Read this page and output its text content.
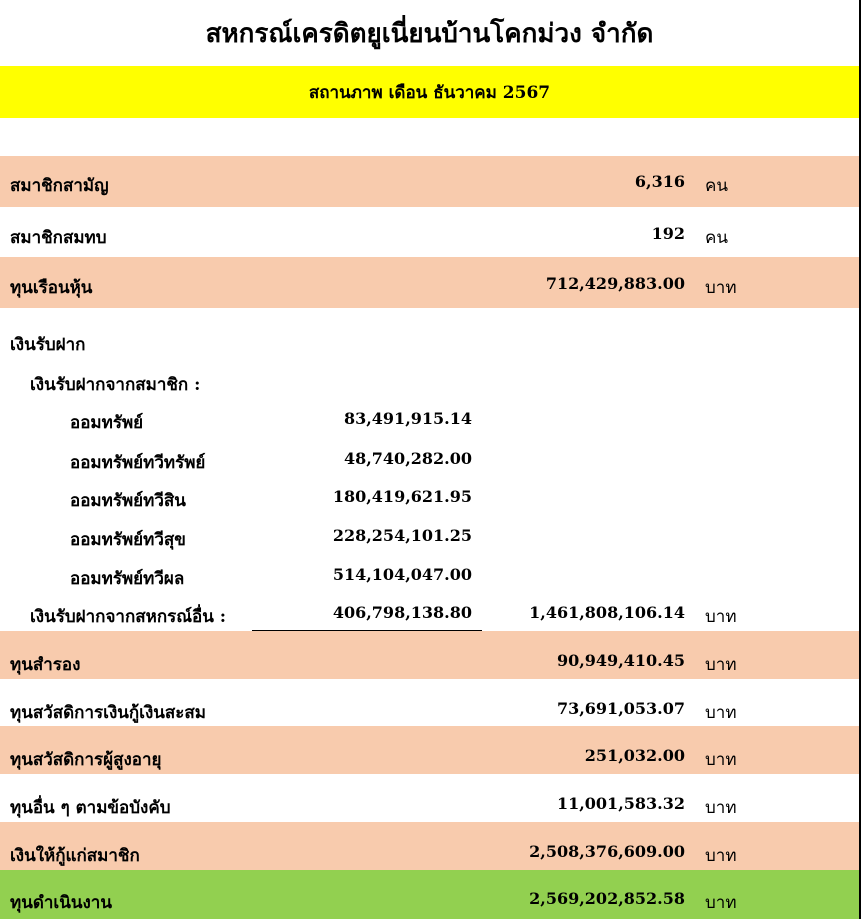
สหกรณ์เครดิตยูเนี่ยนบ้านโคกม่วง จำกัด
สถานภาพ เดือน ธันวาคม 2567
สมาชิกสามัญ	6,316 คน
สมาชิกสมทบ	192 คน
ทุนเรือนหุ้น	712,429,883.00 บาท
เงินรับฝาก
เงินรับฝากจากสมาชิก :
ออมทรัพย์	83,491,915.14
ออมทรัพย์ทวีทรัพย์	48,740,282.00
ออมทรัพย์ทวีสิน	180,419,621.95
ออมทรัพย์ทวีสุข	228,254,101.25
ออมทรัพย์ทวีผล	514,104,047.00
เงินรับฝากจากสหกรณ์อื่น :	406,798,138.80	1,461,808,106.14 บาท
ทุนสำรอง	90,949,410.45 บาท
ทุนสวัสดิการเงินกู้เงินสะสม	73,691,053.07 บาท
ทุนสวัสดิการผู้สูงอายุ	251,032.00 บาท
ทุนอื่น ๆ ตามข้อบังคับ	11,001,583.32 บาท
เงินให้กู้แก่สมาชิก	2,508,376,609.00 บาท
ทุนดำเนินงาน	2,569,202,852.58 บาท
